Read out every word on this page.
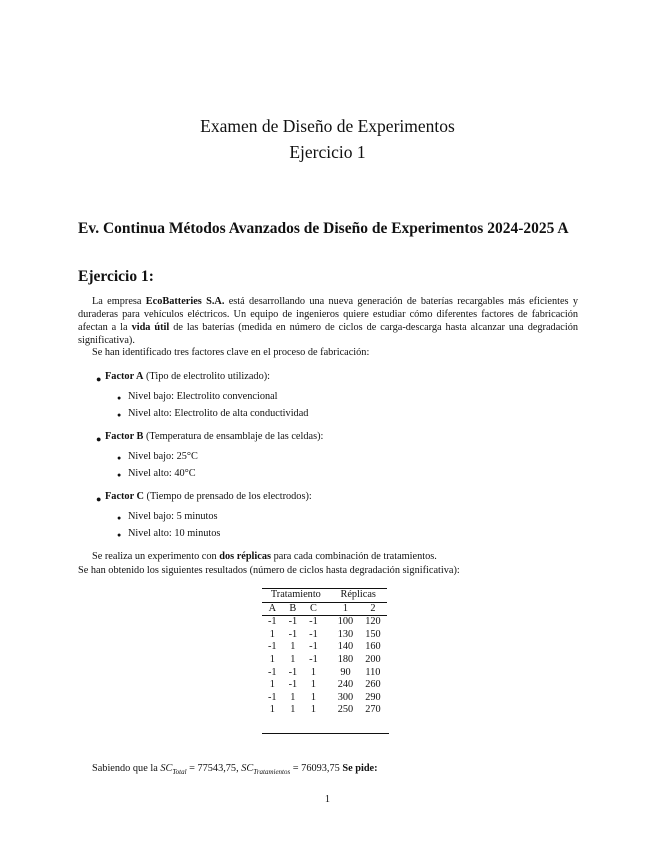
Examen de Diseño de Experimentos
Ejercicio 1
Ev. Continua Métodos Avanzados de Diseño de Experimentos 2024-2025 A
Ejercicio 1:
La empresa EcoBatteries S.A. está desarrollando una nueva generación de baterías recargables más eficientes y duraderas para vehículos eléctricos. Un equipo de ingenieros quiere estudiar cómo diferentes factores de fabricación afectan a la vida útil de las baterías (medida en número de ciclos de carga-descarga hasta alcanzar una degradación significativa).
Se han identificado tres factores clave en el proceso de fabricación:
● Factor A (Tipo de electrolito utilizado):
● Nivel bajo: Electrolito convencional
● Nivel alto: Electrolito de alta conductividad
● Factor B (Temperatura de ensamblaje de las celdas):
● Nivel bajo: 25°C
● Nivel alto: 40°C
● Factor C (Tiempo de prensado de los electrodos):
● Nivel bajo: 5 minutos
● Nivel alto: 10 minutos
Se realiza un experimento con dos réplicas para cada combinación de tratamientos.
Se han obtenido los siguientes resultados (número de ciclos hasta degradación significativa):
Tratamiento			Réplicas	
A	B	C	1	2
-1	-1	-1	100	120
1	-1	-1	130	150
-1	1	-1	140	160
1	1	-1	180	200
-1	-1	1	90	110
1	-1	1	240	260
-1	1	1	300	290
1	1	1	250	270
Sabiendo que la $SC_{Total} = 77543,75$, $SC_{Tratamientos} = 76093,75$ Se pide:
1
